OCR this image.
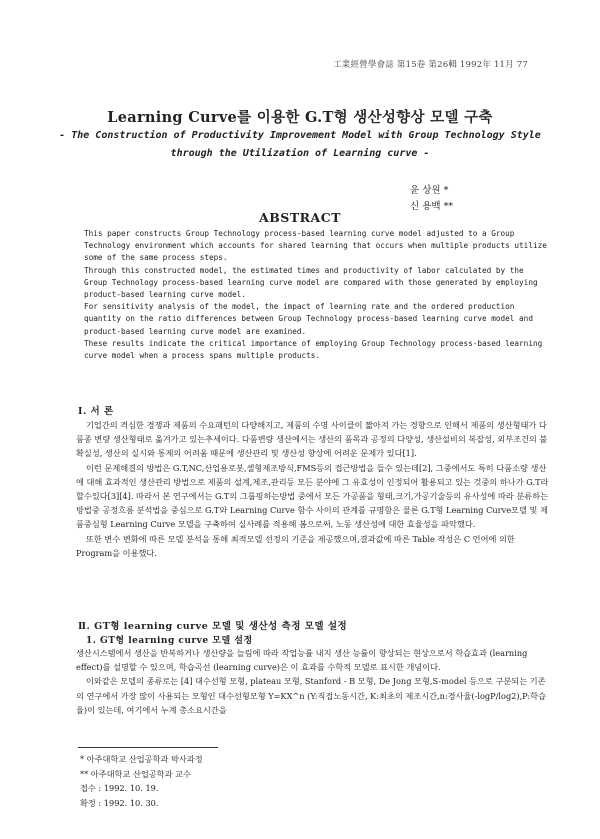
工業經營學會誌 第15卷 第26輯 1992年 11月 77
Learning Curve를 이용한 G.T형 생산성향상 모델 구축
- The Construction of Productivity Improvement Model with Group Technology Style
through the Utilization of Learning curve -
윤 상원 *
신 용백 **
ABSTRACT

This paper constructs Group Technology process-based learning curve model adjusted to a Group Technology environment which accounts for shared learning that occurs when multiple products utilize some of the same process steps.

Through this constructed model, the estimated times and productivity of labor calculated by the Group Technology process-based learning curve model are compared with those generated by employing product-based learning curve model.

For sensitivity analysis of the model, the impact of learning rate and the ordered production quantity on the ratio differences between Group Technology process-based learning curve model and product-based learning curve model are examined.

These results indicate the critical importance of employing Group Technology process-based learning curve model when a process spans multiple products.

Ⅰ. 서 론

기업간의 격심한 경쟁과 제품의 수요패턴의 다양해지고, 제품의 수명 사이클이 짧아져 가는 경향으로 인해서 제품의 생산형태가 다품종 변량 생산형태로 옮겨가고 있는추세이다. 다품변량 생산에서는 생산의 품목과 공정의 다양성, 생산설비의 복잡성, 외부조건의 불확실성, 생산의 실시와 통제의 어려움 때문에 생산관리 및 생산성 향상에 어려운 문제가 있다[1].

이런 문제해결의 방법은 G.T,NC,산업용로봇,셀형제조방식,FMS등의 접근방법을 들수 있는데[2], 그중에서도 특히 다품소량 생산에 대해 효과적인 생산관리 방법으로 제품의 설계,제조,관리등 모든 분야에 그 유효성이 인정되어 활용되고 있는 것중의 하나가 G.T라 할수있다[3][4]. 따라서 본 연구에서는 G.T의 그룹핑하는방법 중에서 모든 가공품을 형태,크기,가공기술등의 유사성에 따라 분류하는 방법중 공정흐름 분석법을 중심으로 G.T와 Learning Curve 함수 사이의 관계를 규명함은 물론 G.T형 Learning Curve모델 및 제품중심형 Learning Curve 모델을 구축하여 실사례를 적용해 봄으로써, 노동 생산성에 대한 효율성을 파악했다.

또한 변수 변화에 따른 모델 분석을 통해 최적모델 선정의 기준을 제공했으며,결과값에 따른 Table 작성은 C 언어에 의한 Program을 이용했다.

Ⅱ. GT형 learning curve 모델 및 생산성 측정 모델 설정
1. GT형 learning curve 모델 설정

생산시스템에서 생산을 반복하거나 생산량을 늘림에 따라 작업능률 내지 생산 능률이 향상되는 현상으로서 학습효과 (learning effect)를 설명할 수 있으며, 학습곡선 (learning curve)은 이 효과를 수학적 모델로 표시한 개념이다.

이와같은 모델의 종류로는 [4] 대수선형 모형, plateau 모형, Stanford - B 모형, De Jong 모형,S-model 등으로 구분되는 기존의 연구에서 가장 많이 사용되는 모형인 대수선형모형 Y=KX^n (Y:직접노동시간, K:최초의 제조시간,n:경사율(-logP/log2),P:학습율)이 있는데, 여기에서 누계 총소요시간을

* 아주대학교 산업공학과 박사과정
** 아주대학교 산업공학과 교수
접수 : 1992. 10. 19.
확정 : 1992. 10. 30.
